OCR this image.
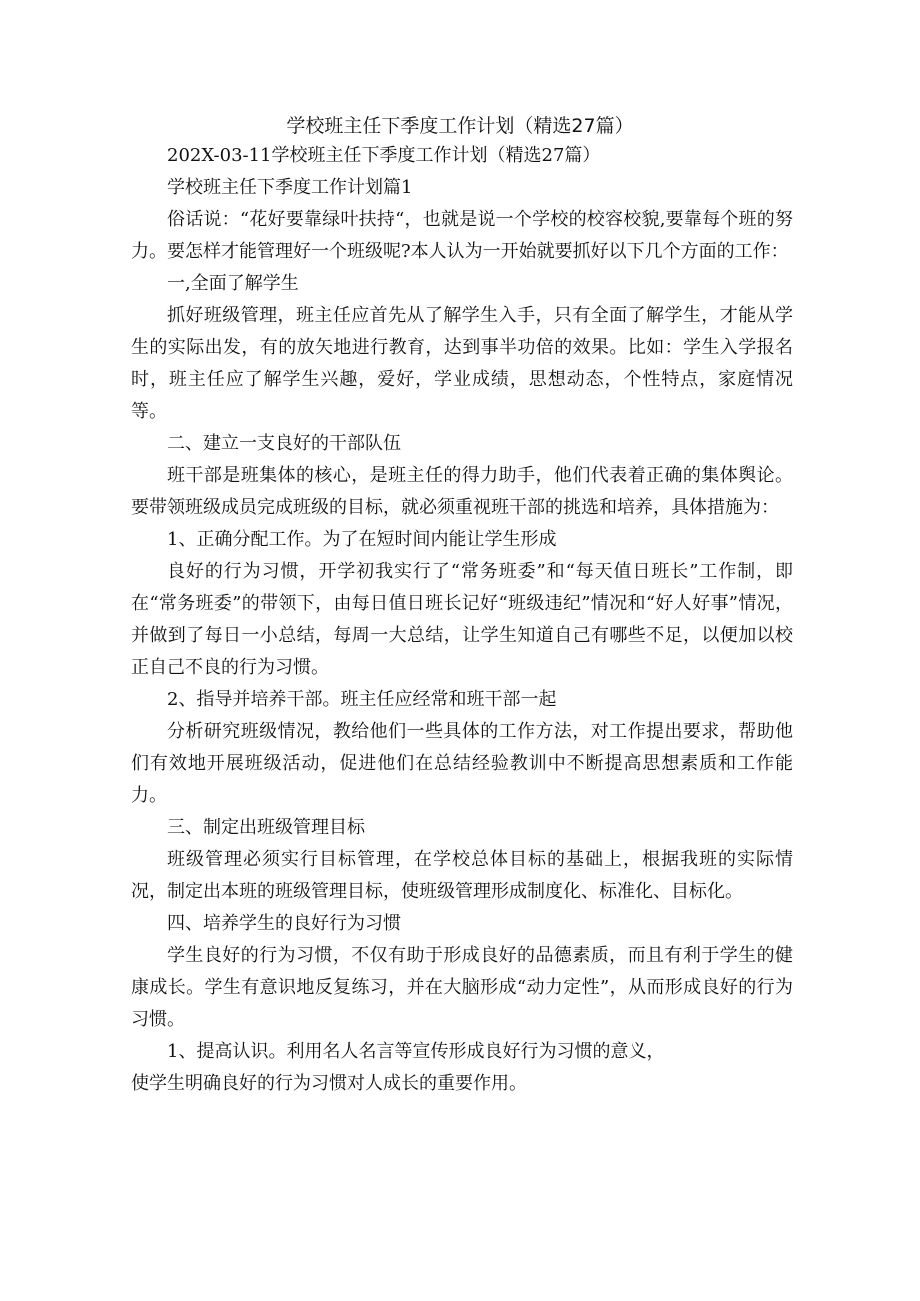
学校班主任下季度工作计划（精选27篇）

202X-03-11学校班主任下季度工作计划（精选27篇）

学校班主任下季度工作计划篇1

俗话说：“花好要靠绿叶扶持“，也就是说一个学校的校容校貌,要靠每个班的努力。要怎样才能管理好一个班级呢?本人认为一开始就要抓好以下几个方面的工作：

一,全面了解学生

抓好班级管理，班主任应首先从了解学生入手，只有全面了解学生，才能从学生的实际出发，有的放矢地进行教育，达到事半功倍的效果。比如：学生入学报名时，班主任应了解学生兴趣，爱好，学业成绩，思想动态，个性特点，家庭情况等。

二、建立一支良好的干部队伍

班干部是班集体的核心，是班主任的得力助手，他们代表着正确的集体舆论。要带领班级成员完成班级的目标，就必须重视班干部的挑选和培养，具体措施为：

1、正确分配工作。为了在短时间内能让学生形成

良好的行为习惯，开学初我实行了“常务班委”和“每天值日班长”工作制，即在“常务班委”的带领下，由每日值日班长记好“班级违纪”情况和“好人好事”情况，并做到了每日一小总结，每周一大总结，让学生知道自己有哪些不足，以便加以校正自己不良的行为习惯。

2、指导并培养干部。班主任应经常和班干部一起

分析研究班级情况，教给他们一些具体的工作方法，对工作提出要求，帮助他们有效地开展班级活动，促进他们在总结经验教训中不断提高思想素质和工作能力。

三、制定出班级管理目标

班级管理必须实行目标管理，在学校总体目标的基础上，根据我班的实际情况，制定出本班的班级管理目标，使班级管理形成制度化、标准化、目标化。

四、培养学生的良好行为习惯

学生良好的行为习惯，不仅有助于形成良好的品德素质，而且有利于学生的健康成长。学生有意识地反复练习，并在大脑形成“动力定性”，从而形成良好的行为习惯。

1、提高认识。利用名人名言等宣传形成良好行为习惯的意义，

使学生明确良好的行为习惯对人成长的重要作用。
